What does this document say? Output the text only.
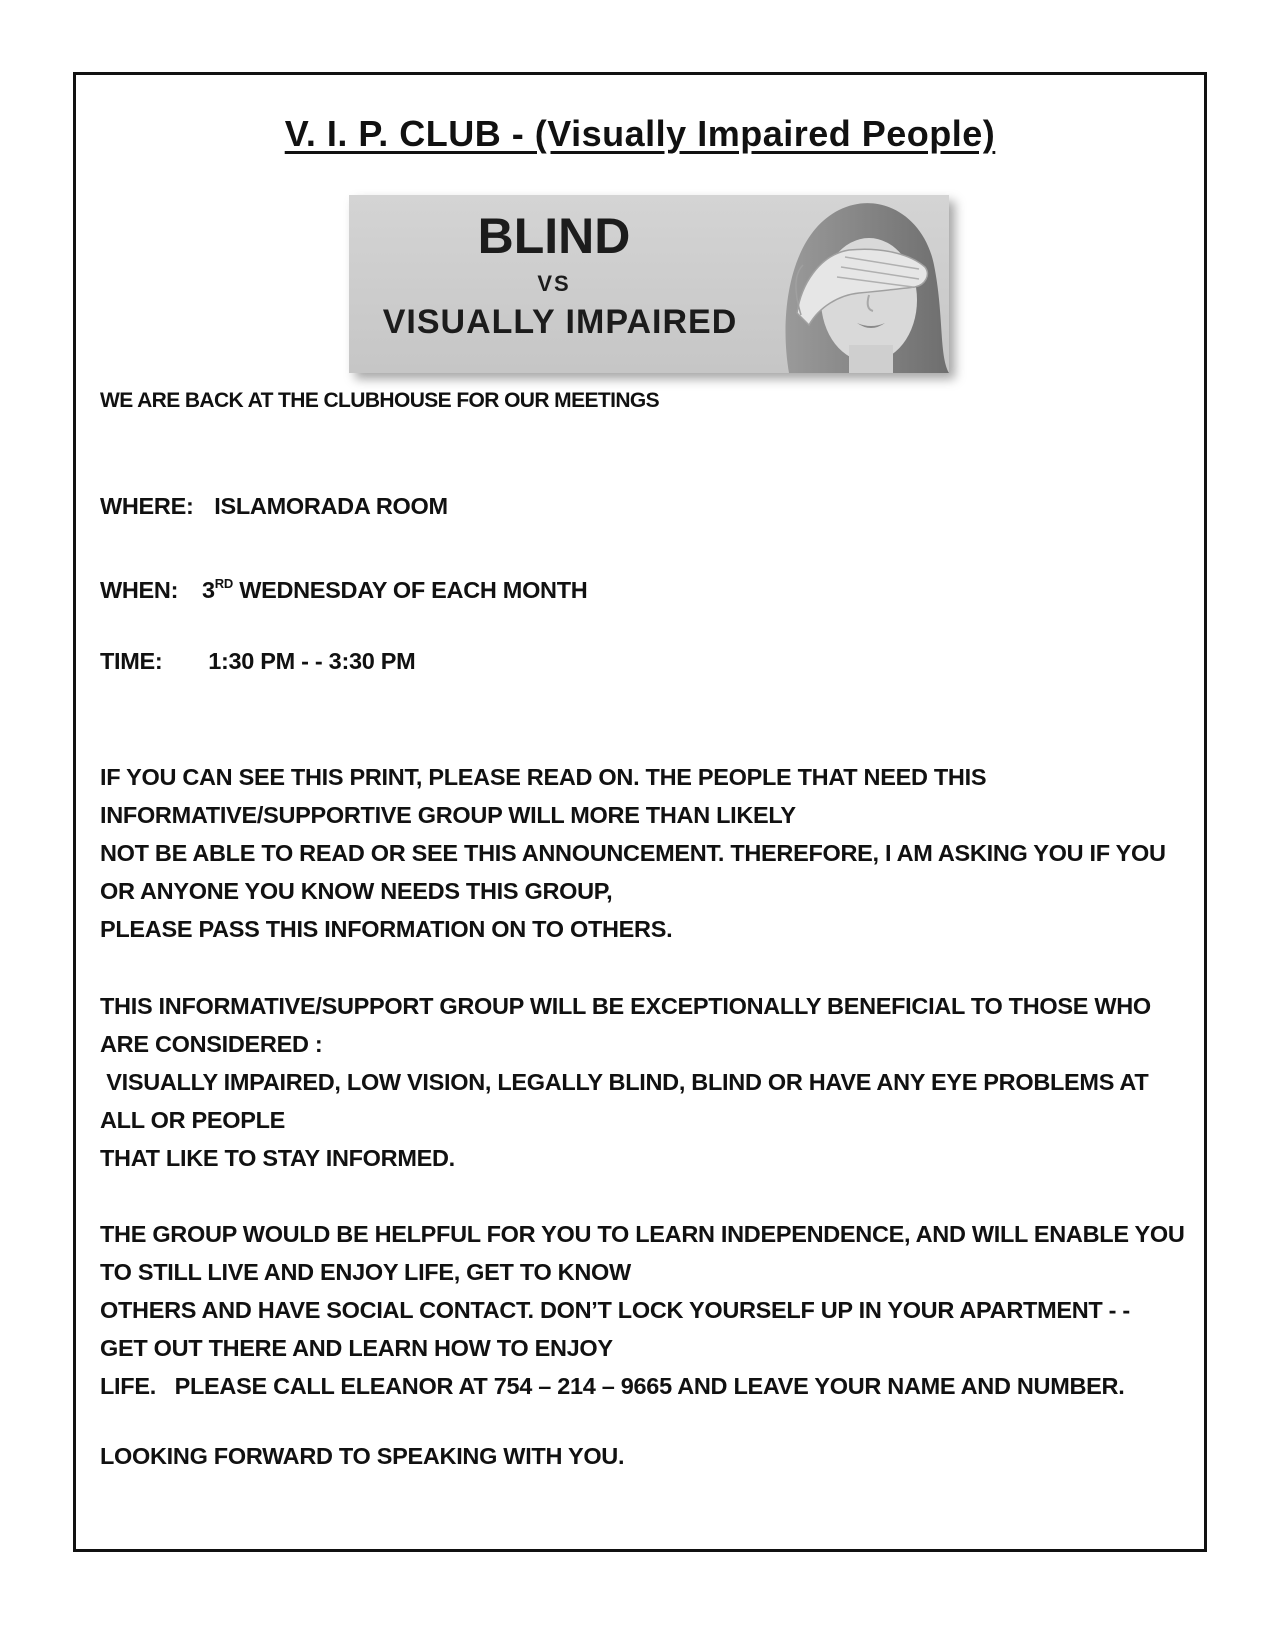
V. I. P. CLUB - (Visually Impaired People)
BLIND
VS
VISUALLY IMPAIRED
WE ARE BACK AT THE CLUBHOUSE FOR OUR MEETINGS
WHERE: ISLAMORADA ROOM
WHEN: 3RD WEDNESDAY OF EACH MONTH
TIME: 1:30 PM - - 3:30 PM
IF YOU CAN SEE THIS PRINT, PLEASE READ ON. THE PEOPLE THAT NEED THIS
INFORMATIVE/SUPPORTIVE GROUP WILL MORE THAN LIKELY
NOT BE ABLE TO READ OR SEE THIS ANNOUNCEMENT. THEREFORE, I AM ASKING YOU IF YOU
OR ANYONE YOU KNOW NEEDS THIS GROUP,
PLEASE PASS THIS INFORMATION ON TO OTHERS.
THIS INFORMATIVE/SUPPORT GROUP WILL BE EXCEPTIONALLY BENEFICIAL TO THOSE WHO
ARE CONSIDERED :
VISUALLY IMPAIRED, LOW VISION, LEGALLY BLIND, BLIND OR HAVE ANY EYE PROBLEMS AT
ALL OR PEOPLE
THAT LIKE TO STAY INFORMED.
THE GROUP WOULD BE HELPFUL FOR YOU TO LEARN INDEPENDENCE, AND WILL ENABLE YOU
TO STILL LIVE AND ENJOY LIFE, GET TO KNOW
OTHERS AND HAVE SOCIAL CONTACT. DON’T LOCK YOURSELF UP IN YOUR APARTMENT - -
GET OUT THERE AND LEARN HOW TO ENJOY
LIFE.   PLEASE CALL ELEANOR AT 754 – 214 – 9665 AND LEAVE YOUR NAME AND NUMBER.
LOOKING FORWARD TO SPEAKING WITH YOU.
